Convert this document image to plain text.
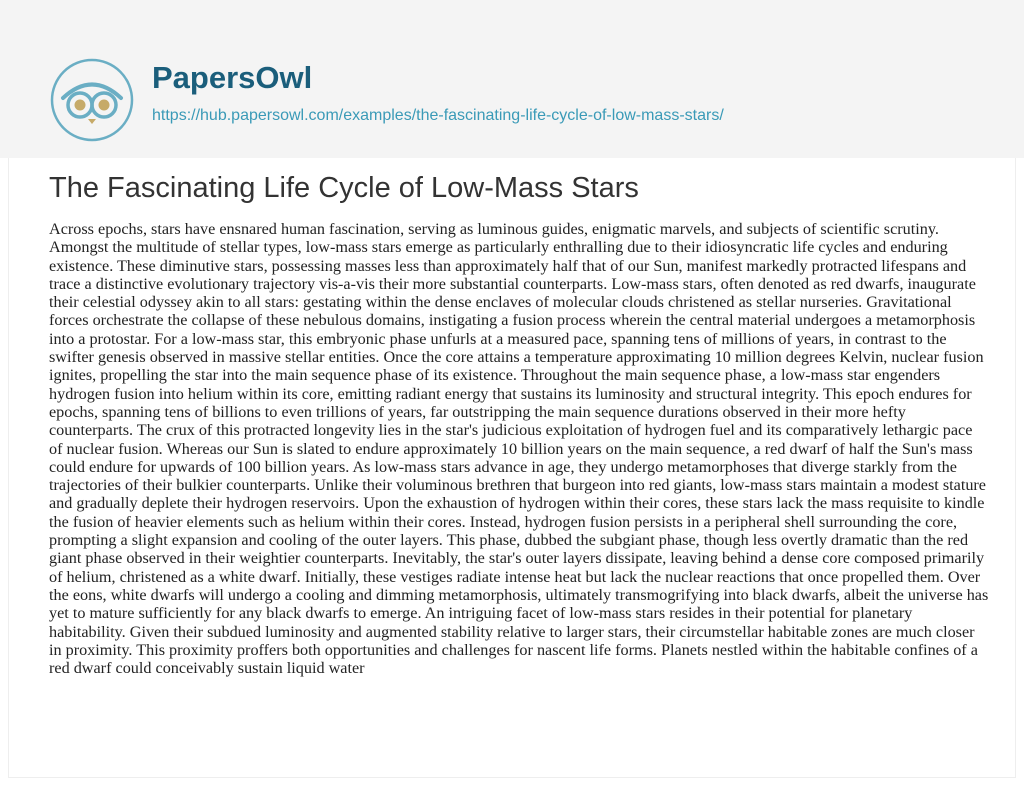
PapersOwl
https://hub.papersowl.com/examples/the-fascinating-life-cycle-of-low-mass-stars/
The Fascinating Life Cycle of Low-Mass Stars

Across epochs, stars have ensnared human fascination, serving as luminous guides, enigmatic marvels, and subjects of scientific scrutiny. Amongst the multitude of stellar types, low-mass stars emerge as particularly enthralling due to their idiosyncratic life cycles and enduring existence. These diminutive stars, possessing masses less than approximately half that of our Sun, manifest markedly protracted lifespans and trace a distinctive evolutionary trajectory vis-a-vis their more substantial counterparts. Low-mass stars, often denoted as red dwarfs, inaugurate their celestial odyssey akin to all stars: gestating within the dense enclaves of molecular clouds christened as stellar nurseries. Gravitational forces orchestrate the collapse of these nebulous domains, instigating a fusion process wherein the central material undergoes a metamorphosis into a protostar. For a low-mass star, this embryonic phase unfurls at a measured pace, spanning tens of millions of years, in contrast to the swifter genesis observed in massive stellar entities. Once the core attains a temperature approximating 10 million degrees Kelvin, nuclear fusion ignites, propelling the star into the main sequence phase of its existence. Throughout the main sequence phase, a low-mass star engenders hydrogen fusion into helium within its core, emitting radiant energy that sustains its luminosity and structural integrity. This epoch endures for epochs, spanning tens of billions to even trillions of years, far outstripping the main sequence durations observed in their more hefty counterparts. The crux of this protracted longevity lies in the star's judicious exploitation of hydrogen fuel and its comparatively lethargic pace of nuclear fusion. Whereas our Sun is slated to endure approximately 10 billion years on the main sequence, a red dwarf of half the Sun's mass could endure for upwards of 100 billion years. As low-mass stars advance in age, they undergo metamorphoses that diverge starkly from the trajectories of their bulkier counterparts. Unlike their voluminous brethren that burgeon into red giants, low-mass stars maintain a modest stature and gradually deplete their hydrogen reservoirs. Upon the exhaustion of hydrogen within their cores, these stars lack the mass requisite to kindle the fusion of heavier elements such as helium within their cores. Instead, hydrogen fusion persists in a peripheral shell surrounding the core, prompting a slight expansion and cooling of the outer layers. This phase, dubbed the subgiant phase, though less overtly dramatic than the red giant phase observed in their weightier counterparts. Inevitably, the star's outer layers dissipate, leaving behind a dense core composed primarily of helium, christened as a white dwarf. Initially, these vestiges radiate intense heat but lack the nuclear reactions that once propelled them. Over the eons, white dwarfs will undergo a cooling and dimming metamorphosis, ultimately transmogrifying into black dwarfs, albeit the universe has yet to mature sufficiently for any black dwarfs to emerge. An intriguing facet of low-mass stars resides in their potential for planetary habitability. Given their subdued luminosity and augmented stability relative to larger stars, their circumstellar habitable zones are much closer in proximity. This proximity proffers both opportunities and challenges for nascent life forms. Planets nestled within the habitable confines of a red dwarf could conceivably sustain liquid water
